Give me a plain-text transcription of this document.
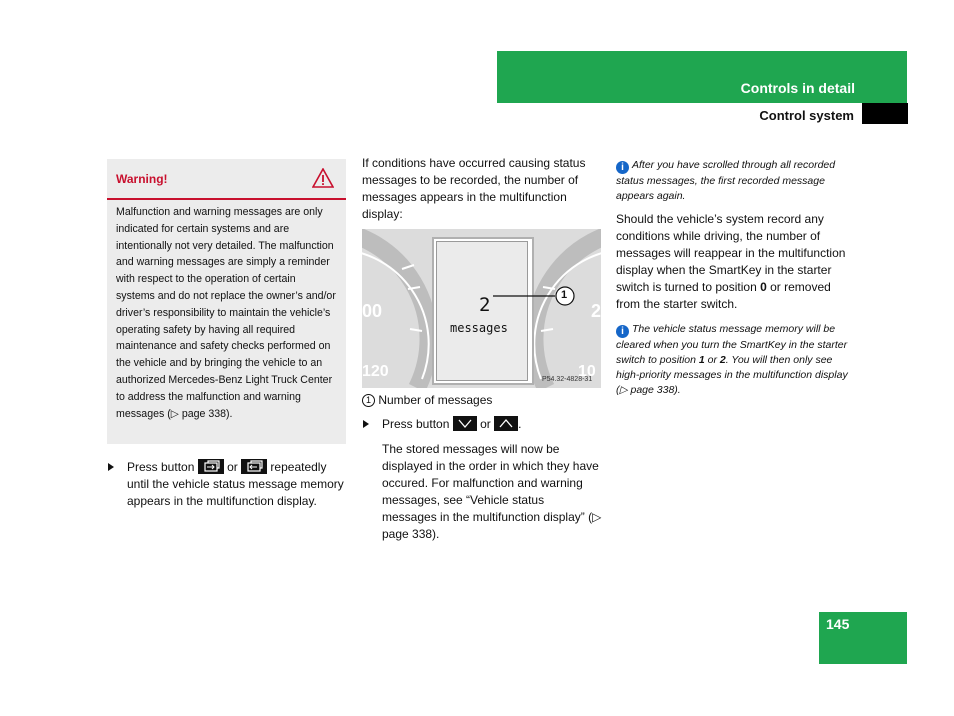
Controls in detail
Control system
Warning!
Malfunction and warning messages are only indicated for certain systems and are intentionally not very detailed. The malfunction and warning messages are simply a reminder with respect to the operation of certain systems and do not replace the owner’s and/or driver’s responsibility to maintain the vehicle’s operating safety by having all required maintenance and safety checks performed on the vehicle and by bringing the vehicle to an authorized Mercedes-Benz Light Truck Center to address the malfunction and warning messages (▷ page 338).
Press button	or	repeatedly until the vehicle status message memory appears in the multifunction display.
If conditions have occurred causing status messages to be recorded, the number of messages appears in the multifunction display:
00
120
2
10
2
messages
1
P54.32-4828-31
1 Number of messages
Press button	or .
The stored messages will now be displayed in the order in which they have occured. For malfunction and warning messages, see “Vehicle status messages in the multifunction display” (▷ page 338).
i After you have scrolled through all recorded status messages, the first recorded message appears again.
Should the vehicle’s system record any conditions while driving, the number of messages will reappear in the multifunction display when the SmartKey in the starter switch is turned to position 0 or removed from the starter switch.
i The vehicle status message memory will be cleared when you turn the SmartKey in the starter switch to position 1 or 2. You will then only see high-priority messages in the multifunction display (▷ page 338).
145
